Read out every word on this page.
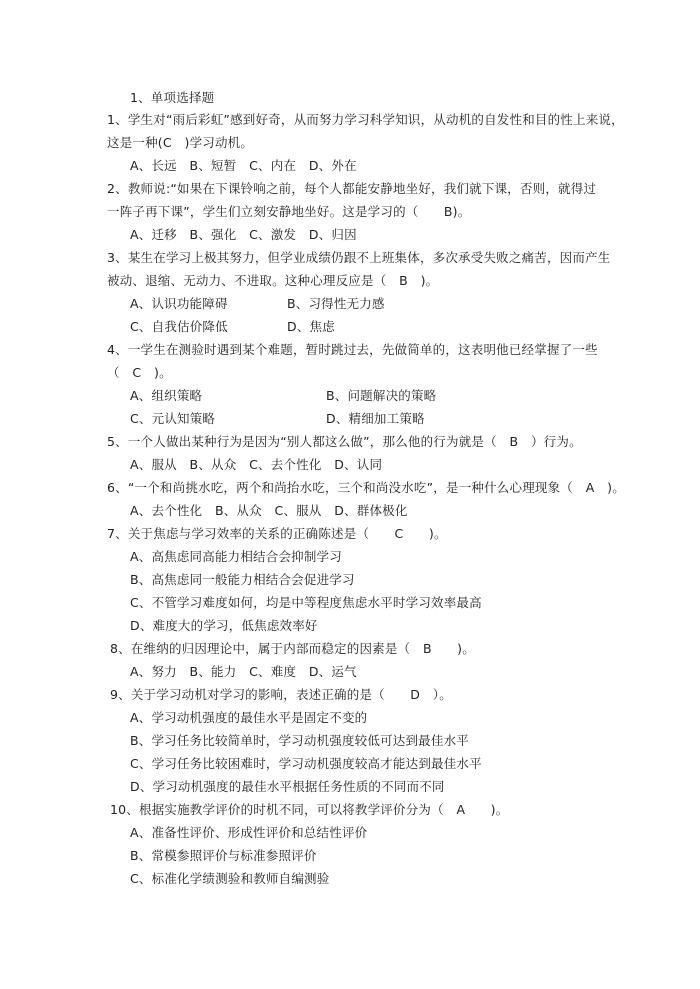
1、单项选择题
1、学生对“雨后彩虹”感到好奇，从而努力学习科学知识，从动机的自发性和目的性上来说，
这是一种(C　)学习动机。
A、长远　B、短暂　C、内在　D、外在
2、教师说:“如果在下课铃响之前，每个人都能安静地坐好，我们就下课，否则，就得过
一阵子再下课”，学生们立刻安静地坐好。这是学习的（　　B)。
A、迁移　B、强化　C、激发　D、归因
3、某生在学习上极其努力，但学业成绩仍跟不上班集体，多次承受失败之痛苦，因而产生
被动、退缩、无动力、不进取。这种心理反应是（　B　)。
A、认识功能障碍	B、习得性无力感
C、自我估价降低	D、焦虑
4、一学生在测验时遇到某个难题，暂时跳过去，先做简单的，这表明他已经掌握了一些
（　C　)。
A、组织策略	B、问题解决的策略
C、元认知策略	D、精细加工策略
5、一个人做出某种行为是因为“别人都这么做”，那么他的行为就是（　B　）行为。
A、服从　B、从众　C、去个性化　D、认同
6、“一个和尚挑水吃，两个和尚抬水吃，三个和尚没水吃”，是一种什么心理现象（　A　)。
A、去个性化　B、从众　C、服从　D、群体极化
7、关于焦虑与学习效率的关系的正确陈述是（　　C　　)。
A、高焦虑同高能力相结合会抑制学习
B、高焦虑同一般能力相结合会促进学习
C、不管学习难度如何，均是中等程度焦虑水平时学习效率最高
D、难度大的学习，低焦虑效率好
8、在维纳的归因理论中，属于内部而稳定的因素是（　B　　)。
A、努力　B、能力　C、难度　D、运气
9、关于学习动机对学习的影响，表述正确的是（　　D　）。
A、学习动机强度的最佳水平是固定不变的
B、学习任务比较简单时，学习动机强度较低可达到最佳水平
C、学习任务比较困难时，学习动机强度较高才能达到最佳水平
D、学习动机强度的最佳水平根据任务性质的不同而不同
10、根据实施教学评价的时机不同，可以将教学评价分为（　A　　)。
A、准备性评价、形成性评价和总结性评价
B、常模参照评价与标准参照评价
C、标准化学绩测验和教师自编测验
